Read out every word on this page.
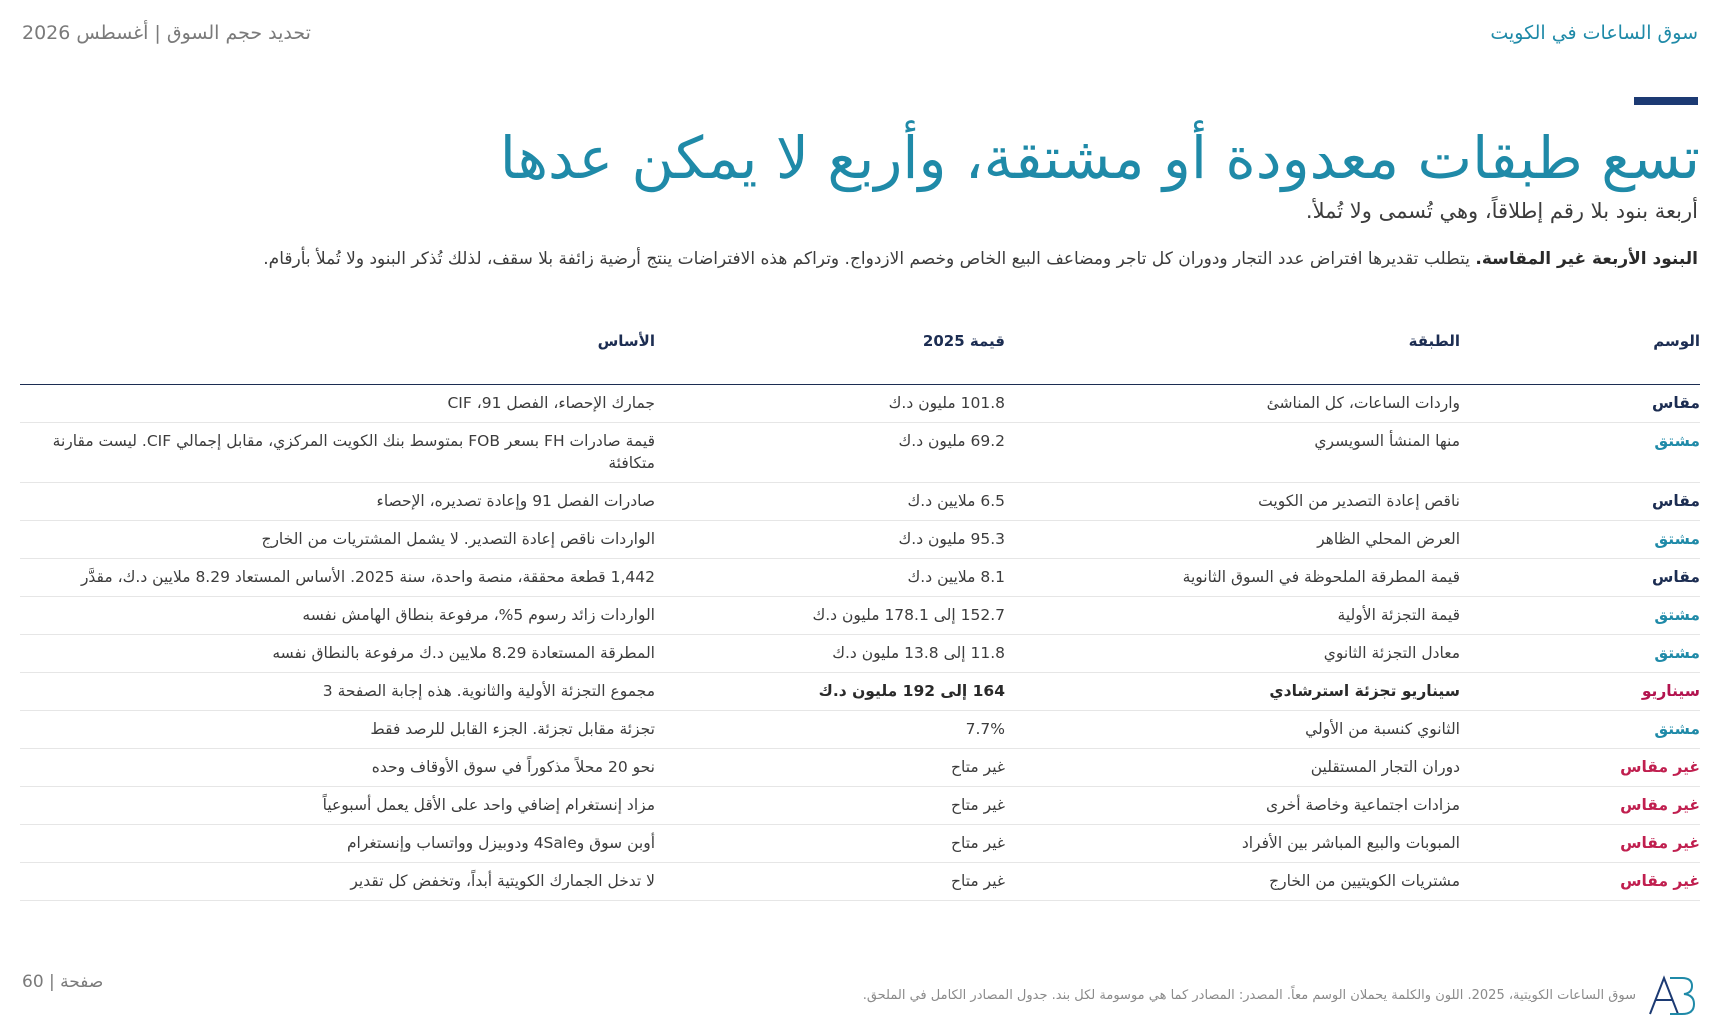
سوق الساعات في الكويت
تحديد حجم السوق | أغسطس 2026
تسع طبقات معدودة أو مشتقة، وأربع لا يمكن عدها

أربعة بنود بلا رقم إطلاقاً، وهي تُسمى ولا تُملأ.

البنود الأربعة غير المقاسة. يتطلب تقديرها افتراض عدد التجار ودوران كل تاجر ومضاعف البيع الخاص وخصم الازدواج. وتراكم هذه الافتراضات ينتج أرضية زائفة بلا سقف، لذلك تُذكر البنود ولا تُملأ بأرقام.

الوسم	الطبقة	قيمة 2025	الأساس
مقاس	واردات الساعات، كل المناشئ	101.8 مليون د.ك	جمارك الإحصاء، الفصل 91، CIF
مشتق	منها المنشأ السويسري	69.2 مليون د.ك	قيمة صادرات FH بسعر FOB بمتوسط بنك الكويت المركزي، مقابل إجمالي CIF. ليست مقارنة متكافئة
مقاس	ناقص إعادة التصدير من الكويت	6.5 ملايين د.ك	صادرات الفصل 91 وإعادة تصديره، الإحصاء
مشتق	العرض المحلي الظاهر	95.3 مليون د.ك	الواردات ناقص إعادة التصدير. لا يشمل المشتريات من الخارج
مقاس	قيمة المطرقة الملحوظة في السوق الثانوية	8.1 ملايين د.ك	1,442 قطعة محققة، منصة واحدة، سنة 2025. الأساس المستعاد 8.29 ملايين د.ك، مقدَّر
مشتق	قيمة التجزئة الأولية	152.7 إلى 178.1 مليون د.ك	الواردات زائد رسوم 5%، مرفوعة بنطاق الهامش نفسه
مشتق	معادل التجزئة الثانوي	11.8 إلى 13.8 مليون د.ك	المطرقة المستعادة 8.29 ملايين د.ك مرفوعة بالنطاق نفسه
سيناريو	سيناريو تجزئة استرشادي	164 إلى 192 مليون د.ك	مجموع التجزئة الأولية والثانوية. هذه إجابة الصفحة 3
مشتق	الثانوي كنسبة من الأولي	7.7%	تجزئة مقابل تجزئة. الجزء القابل للرصد فقط
غير مقاس	دوران التجار المستقلين	غير متاح	نحو 20 محلاً مذكوراً في سوق الأوقاف وحده
غير مقاس	مزادات اجتماعية وخاصة أخرى	غير متاح	مزاد إنستغرام إضافي واحد على الأقل يعمل أسبوعياً
غير مقاس	المبوبات والبيع المباشر بين الأفراد	غير متاح	أوبن سوق و4Sale ودوبيزل وواتساب وإنستغرام
غير مقاس	مشتريات الكويتيين من الخارج	غير متاح	لا تدخل الجمارك الكويتية أبداً، وتخفض كل تقدير
سوق الساعات الكويتية، 2025. اللون والكلمة يحملان الوسم معاً. المصدر: المصادر كما هي موسومة لكل بند. جدول المصادر الكامل في الملحق.
صفحة | 60
